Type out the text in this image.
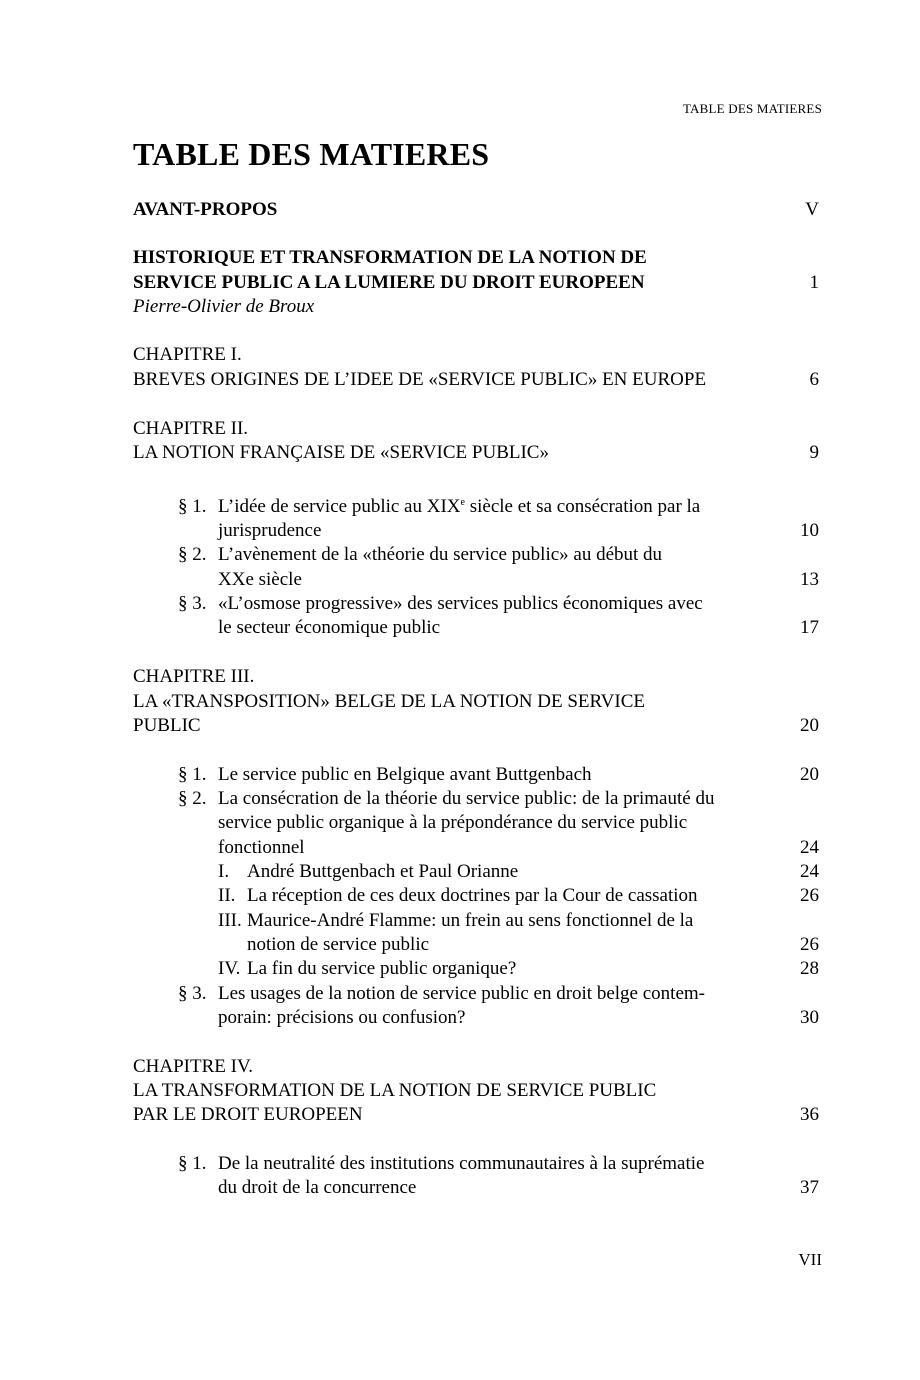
TABLE DES MATIERES
TABLE DES MATIERES
AVANT-PROPOS	V
HISTORIQUE ET TRANSFORMATION DE LA NOTION DE
SERVICE PUBLIC A LA LUMIERE DU DROIT EUROPEEN	1
Pierre-Olivier de Broux
CHAPITRE I.
BREVES ORIGINES DE L’IDEE DE «SERVICE PUBLIC» EN EUROPE	6
CHAPITRE II.
LA NOTION FRANÇAISE DE «SERVICE PUBLIC»	9
§ 1. L’idée de service public au XIXe siècle et sa consécration par la
jurisprudence	10
§ 2. L’avènement de la «théorie du service public» au début du
XXe siècle	13
§ 3. «L’osmose progressive» des services publics économiques avec
le secteur économique public	17
CHAPITRE III.
LA «TRANSPOSITION» BELGE DE LA NOTION DE SERVICE
PUBLIC	20
§ 1. Le service public en Belgique avant Buttgenbach	20
§ 2. La consécration de la théorie du service public: de la primauté du
service public organique à la prépondérance du service public
fonctionnel	24
I. André Buttgenbach et Paul Orianne	24
II. La réception de ces deux doctrines par la Cour de cassation	26
III. Maurice-André Flamme: un frein au sens fonctionnel de la
notion de service public	26
IV. La fin du service public organique?	28
§ 3. Les usages de la notion de service public en droit belge contem-
porain: précisions ou confusion?	30
CHAPITRE IV.
LA TRANSFORMATION DE LA NOTION DE SERVICE PUBLIC
PAR LE DROIT EUROPEEN	36
§ 1. De la neutralité des institutions communautaires à la suprématie
du droit de la concurrence	37
VII
